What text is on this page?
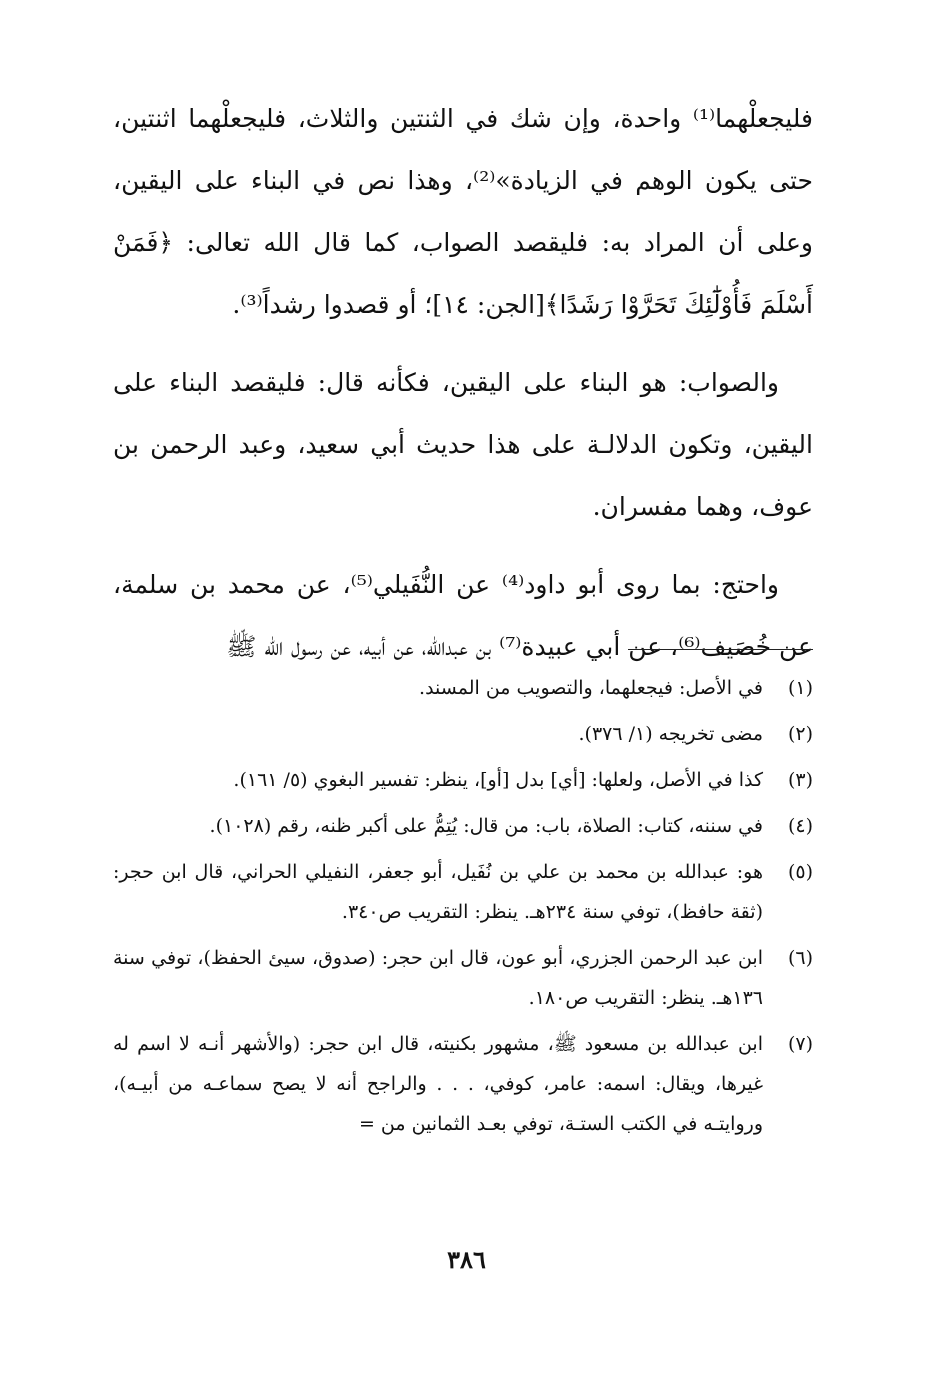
فليجعلْهما⁽¹⁾ واحدة، وإن شك في الثنتين والثلاث، فليجعلْهما اثنتين، حتى يكون الوهم في الزيادة»⁽²⁾، وهذا نص في البناء على اليقين، وعلى أن المراد به: فليقصد الصواب، كما قال الله تعالى: ﴿فَمَنْ أَسْلَمَ فَأُوْلَٰٓئِكَ تَحَرَّوْا رَشَدًا﴾[الجن: ١٤]؛ أو قصدوا رشداً⁽³⁾.

والصواب: هو البناء على اليقين، فكأنه قال: فليقصد البناء على اليقين، وتكون الدلالـة على هذا حديث أبي سعيد، وعبد الرحمن بن عوف، وهما مفسران.

واحتج: بما روى أبو داود⁽⁴⁾ عن النُّفَيلي⁽⁵⁾، عن محمد بن سلمة، عن خُصَيف⁽⁶⁾، عن أبي عبيدة⁽⁷⁾ بن عبدالله، عن أبيه، عن رسول الله ﷺ

(١)
في الأصل: فيجعلهما، والتصويب من المسند.
(٢)
مضى تخريجه (١/ ٣٧٦).
(٣)
كذا في الأصل، ولعلها: [أي] بدل [أو]، ينظر: تفسير البغوي (٥/ ١٦١).
(٤)
في سننه، كتاب: الصلاة، باب: من قال: يُتِمُّ على أكبر ظنه، رقم (١٠٢٨).
(٥)
هو: عبدالله بن محمد بن علي بن نُفَيل، أبو جعفر، النفيلي الحراني، قال ابن حجر: (ثقة حافظ)، توفي سنة ٢٣٤هـ. ينظر: التقريب ص٣٤٠.
(٦)
ابن عبد الرحمن الجزري، أبو عون، قال ابن حجر: (صدوق، سيئ الحفظ)، توفي سنة ١٣٦هـ. ينظر: التقريب ص١٨٠.
(٧)
ابن عبدالله بن مسعود ﷺ، مشهور بكنيته، قال ابن حجر: (والأشهر أنـه لا اسم له غيرها، ويقال: اسمه: عامر، كوفي، . . . والراجح أنه لا يصح سماعـه من أبيـه)، وروايتـه في الكتب الستـة، توفي بعـد الثمانين من =
٣٨٦
